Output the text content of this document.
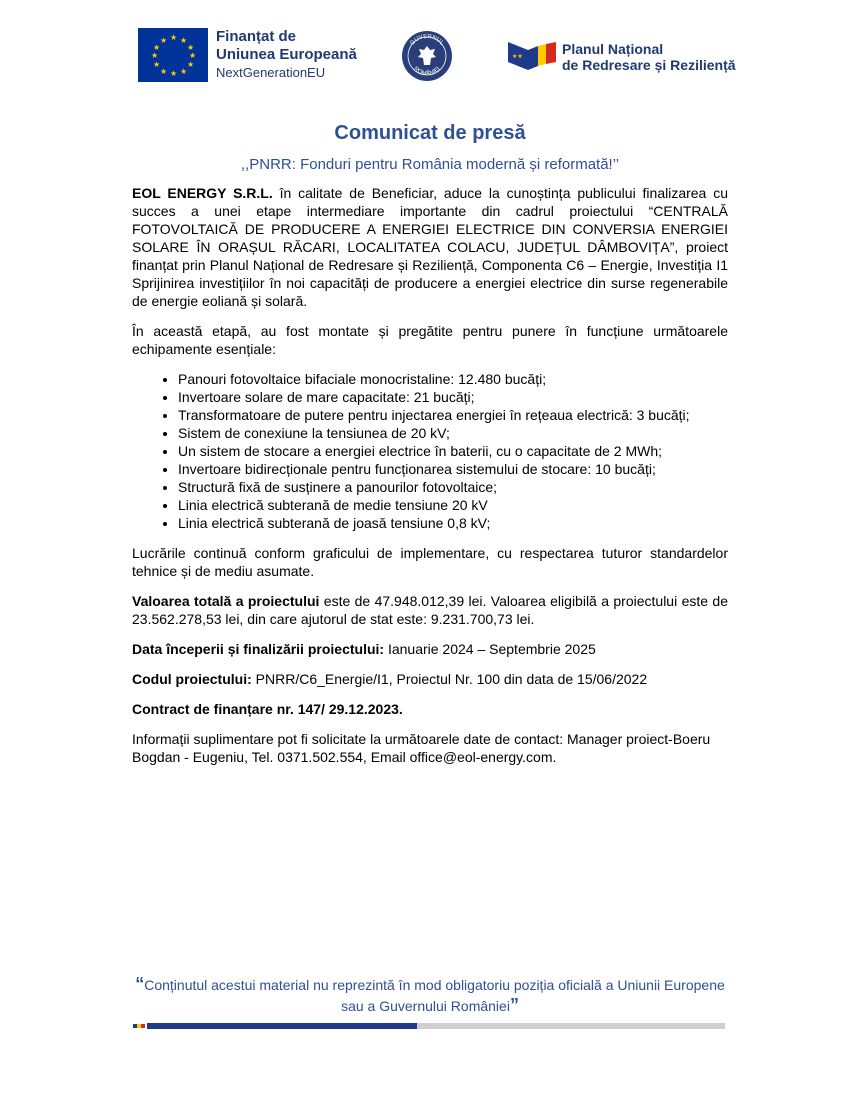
★ ★
★
★
★
★
★
★
★
★
★
★	Finanțat de
Uniunea Europeană
NextGenerationEU
GUVERNUL
ROMÂNIEI
★★	Planul Național
de Redresare și Reziliență
Comunicat de presă
,,PNRR: Fonduri pentru România modernă și reformată!’’

EOL ENERGY S.R.L. în calitate de Beneficiar, aduce la cunoștința publicului finalizarea cu succes a unei etape intermediare importante din cadrul proiectului “CENTRALĂ FOTOVOLTAICĂ DE PRODUCERE A ENERGIEI ELECTRICE DIN CONVERSIA ENERGIEI SOLARE ÎN ORAȘUL RĂCARI, LOCALITATEA COLACU, JUDEȚUL DÂMBOVIȚA”, proiect finanțat prin Planul Național de Redresare și Reziliență, Componenta C6 – Energie, Investiția I1 Sprijinirea investițiilor în noi capacități de producere a energiei electrice din surse regenerabile de energie eoliană și solară.

În această etapă, au fost montate și pregătite pentru punere în funcțiune următoarele echipamente esențiale:

• Panouri fotovoltaice bifaciale monocristaline: 12.480 bucăți;
• Invertoare solare de mare capacitate: 21 bucăți;
• Transformatoare de putere pentru injectarea energiei în rețeaua electrică: 3 bucăți;
• Sistem de conexiune la tensiunea de 20 kV;
• Un sistem de stocare a energiei electrice în baterii, cu o capacitate de 2 MWh;
• Invertoare bidirecționale pentru funcționarea sistemului de stocare: 10 bucăți;
• Structură fixă de susținere a panourilor fotovoltaice;
• Linia electrică subterană de medie tensiune 20 kV
• Linia electrică subterană de joasă tensiune 0,8 kV;

Lucrările continuă conform graficului de implementare, cu respectarea tuturor standardelor tehnice și de mediu asumate.

Valoarea totală a proiectului este de 47.948.012,39 lei. Valoarea eligibilă a proiectului este de 23.562.278,53 lei, din care ajutorul de stat este: 9.231.700,73 lei.

Data începerii și finalizării proiectului: Ianuarie 2024 – Septembrie 2025

Codul proiectului: PNRR/C6_Energie/I1, Proiectul Nr. 100 din data de 15/06/2022

Contract de finanțare nr. 147/ 29.12.2023.

Informații suplimentare pot fi solicitate la următoarele date de contact: Manager proiect-Boeru Bogdan - Eugeniu, Tel. 0371.502.554, Email office@eol-energy.com.

“Conținutul acestui material nu reprezintă în mod obligatoriu poziția oficială a Uniunii Europene sau a Guvernului României”
